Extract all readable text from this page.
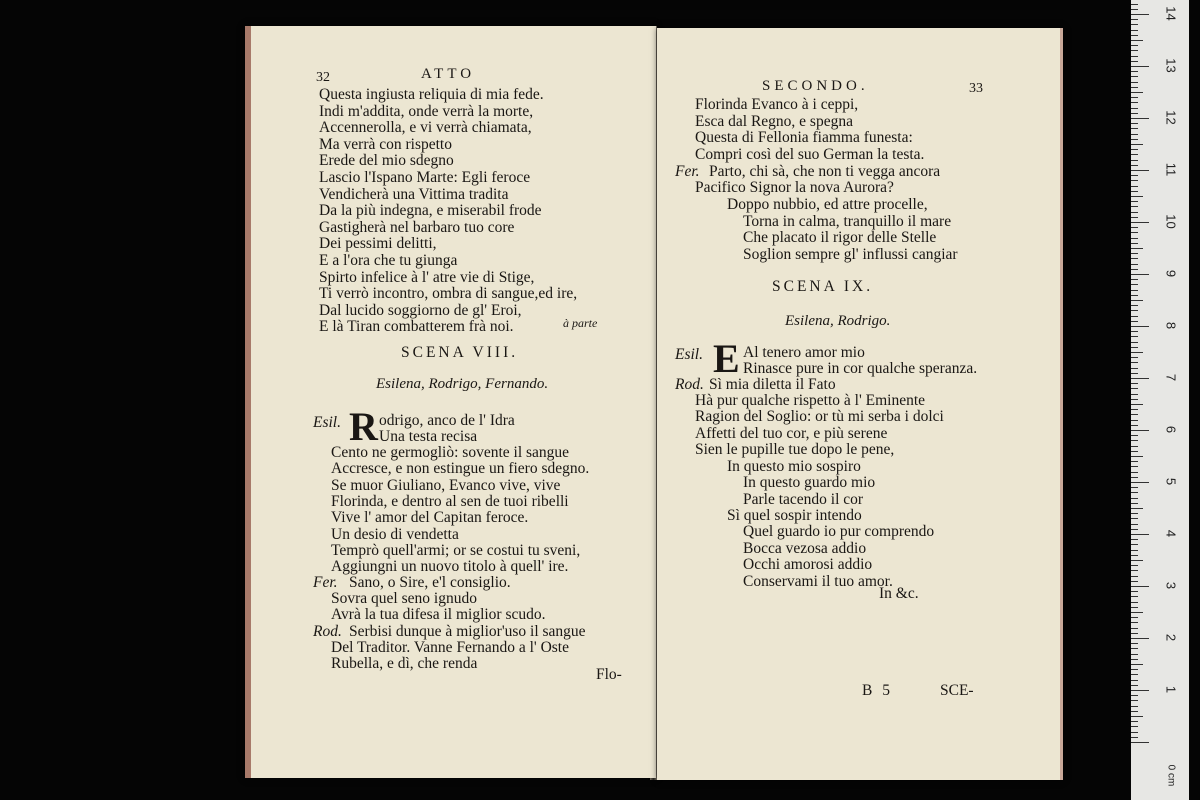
32	ATTO
Questa ingiusta reliquia di mia fede.
Indi m'addita, onde verrà la morte,
Accennerolla, e vi verrà chiamata,
Ma verrà con rispetto
Erede del mio sdegno
Lascio l'Ispano Marte: Egli feroce
Vendicherà una Vittima tradita
Da la più indegna, e miserabil frode
Gastigherà nel barbaro tuo core
Dei pessimi delitti,
E a l'ora che tu giunga
Spirto infelice à l' atre vie di Stige,
Ti verrò incontro, ombra di sangue,ed ire,
Dal lucido soggiorno de gl' Eroi,
E là Tiran combatterem frà noi.	à parte
SCENA VIII.
Esilena, Rodrigo, Fernando.
Esil. R odrigo, anco de l' Idra
Una testa recisa
Cento ne germogliò: sovente il sangue
Accresce, e non estingue un fiero sdegno.
Se muor Giuliano, Evanco vive, vive
Florinda, e dentro al sen de tuoi ribelli
Vive l' amor del Capitan feroce.
Un desio di vendetta
Temprò quell'armi; or se costui tu sveni,
Aggiungni un nuovo titolo à quell' ire.
Fer. Sano, o Sire, e'l consiglio.
Sovra quel seno ignudo
Avrà la tua difesa il miglior scudo.
Rod. Serbisi dunque à miglior'uso il sangue
Del Traditor. Vanne Fernando a l' Oste
Rubella, e dì, che renda
Flo-
SECONDO.	33
Florinda Evanco à i ceppi,
Esca dal Regno, e spegna
Questa di Fellonia fiamma funesta:
Compri così del suo German la testa.
Fer. Parto, chi sà, che non ti vegga ancora
Pacifico Signor la nova Aurora?
Doppo nubbio, ed attre procelle,
Torna in calma, tranquillo il mare
Che placato il rigor delle Stelle
Soglion sempre gl' influssi cangiar
SCENA IX.
Esilena, Rodrigo.
Esil. E Al tenero amor mio
Rinasce pure in cor qualche speranza.
Rod. Sì mia diletta il Fato
Hà pur qualche rispetto à l' Eminente
Ragion del Soglio: or tù mi serba i dolci
Affetti del tuo cor, e più serene
Sien le pupille tue dopo le pene,
In questo mio sospiro
In questo guardo mio
Parle tacendo il cor
Sì quel sospir intendo
Quel guardo io pur comprendo
Bocca vezosa addio
Occhi amorosi addio
Conservami il tuo amor.
In &c.
B 5	SCE-
14
13
12
11
10
9
8
7
6
5
4
3
2
1
0 cm
